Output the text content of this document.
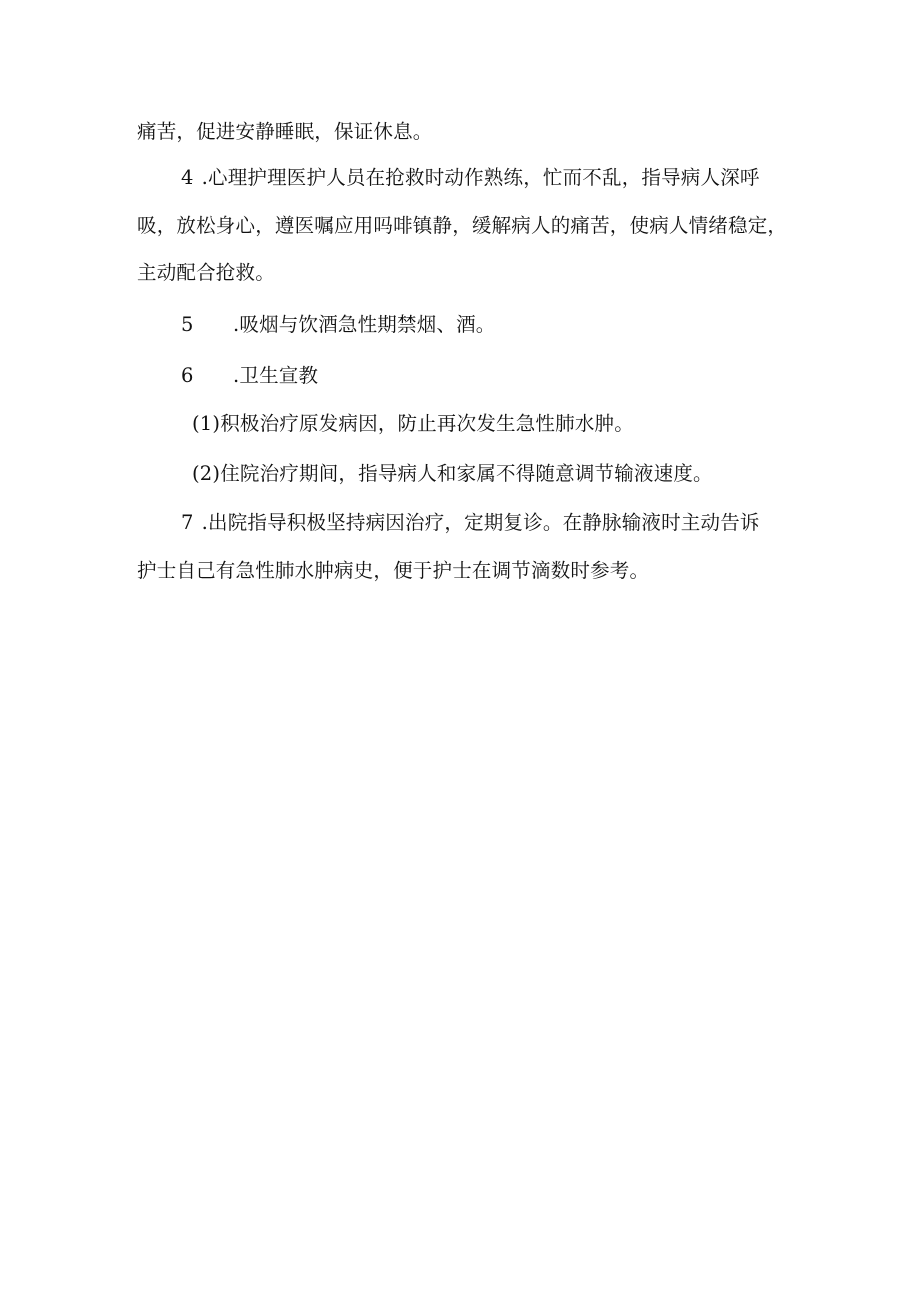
痛苦，促进安静睡眠，保证休息。
4 .心理护理医护人员在抢救时动作熟练，忙而不乱，指导病人深呼
吸，放松身心，遵医嘱应用吗啡镇静，缓解病人的痛苦，使病人情绪稳定，
主动配合抢救。
5 .吸烟与饮酒急性期禁烟、酒。
6 .卫生宣教
(1)积极治疗原发病因，防止再次发生急性肺水肿。
(2)住院治疗期间，指导病人和家属不得随意调节输液速度。
7 .出院指导积极坚持病因治疗，定期复诊。在静脉输液时主动告诉
护士自己有急性肺水肿病史，便于护士在调节滴数时参考。
